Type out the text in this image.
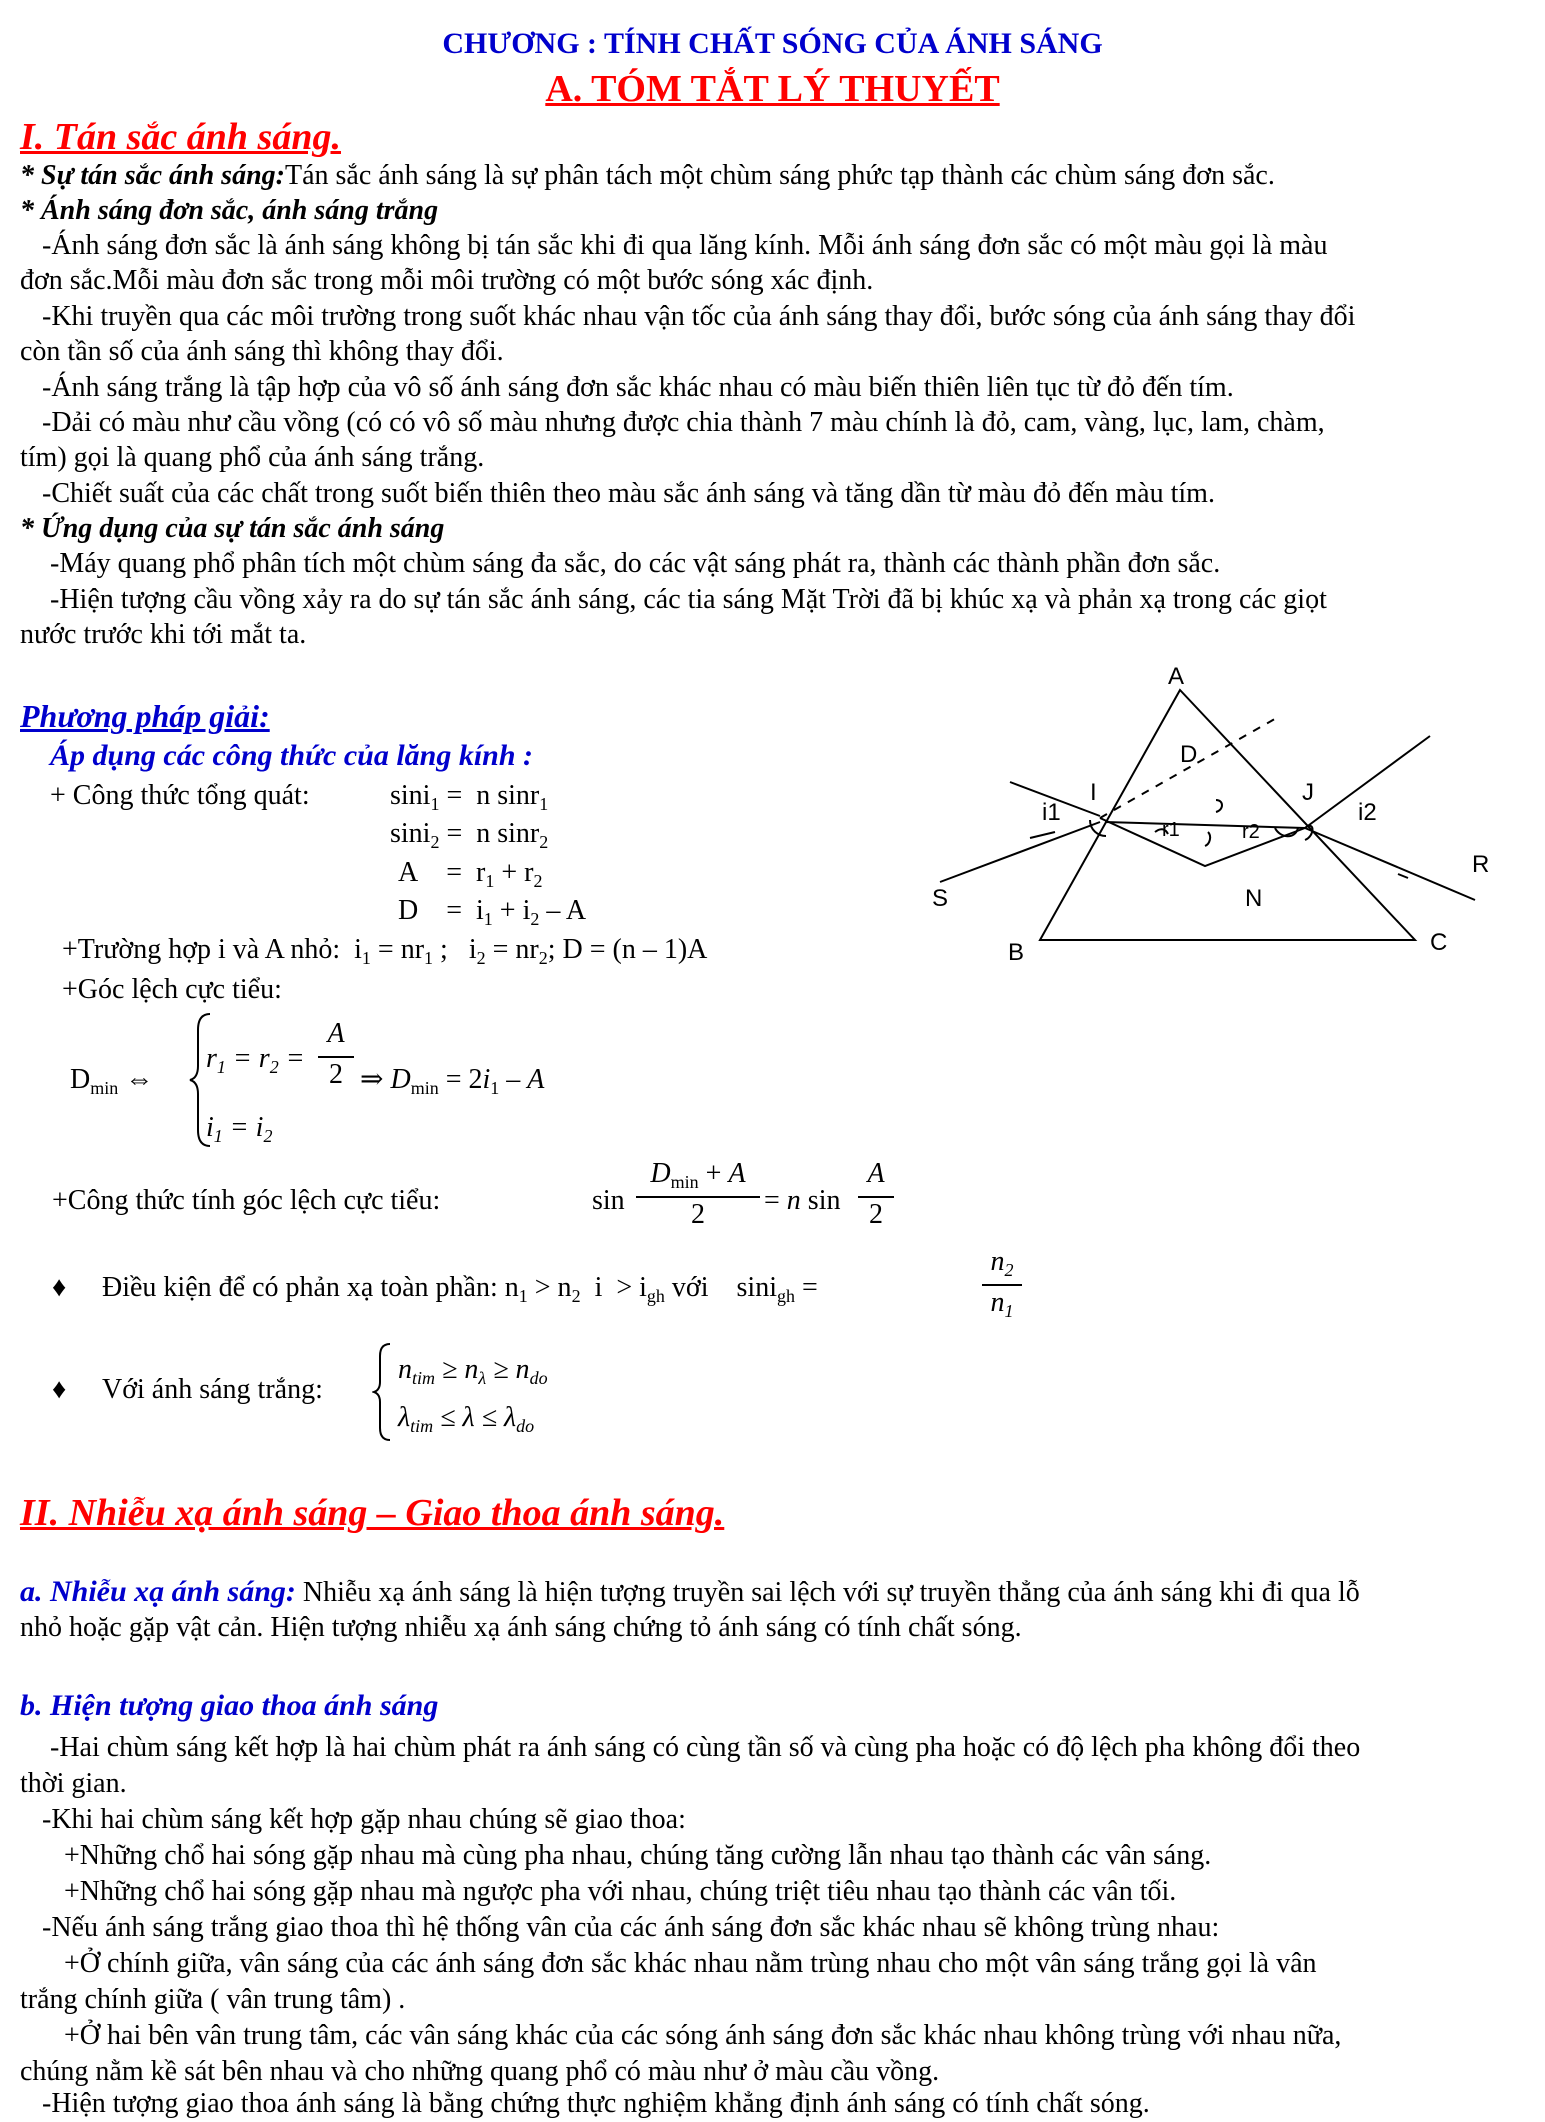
CHƯƠNG : TÍNH CHẤT SÓNG CỦA ÁNH SÁNG
A. TÓM TẮT LÝ THUYẾT
I. Tán sắc ánh sáng.
* Sự tán sắc ánh sáng:Tán sắc ánh sáng là sự phân tách một chùm sáng phức tạp thành các chùm sáng đơn sắc.
* Ánh sáng đơn sắc, ánh sáng trắng
-Ánh sáng đơn sắc là ánh sáng không bị tán sắc khi đi qua lăng kính. Mỗi ánh sáng đơn sắc có một màu gọi là màu
đơn sắc.Mỗi màu đơn sắc trong mỗi môi trường có một bước sóng xác định.
-Khi truyền qua các môi trường trong suốt khác nhau vận tốc của ánh sáng thay đổi, bước sóng của ánh sáng thay đổi
còn tần số của ánh sáng thì không thay đổi.
-Ánh sáng trắng là tập hợp của vô số ánh sáng đơn sắc khác nhau có màu biến thiên liên tục từ đỏ đến tím.
-Dải có màu như cầu vồng (có có vô số màu nhưng được chia thành 7 màu chính là đỏ, cam, vàng, lục, lam, chàm,
tím) gọi là quang phổ của ánh sáng trắng.
-Chiết suất của các chất trong suốt biến thiên theo màu sắc ánh sáng và tăng dần từ màu đỏ đến màu tím.
* Ứng dụng của sự tán sắc ánh sáng
-Máy quang phổ phân tích một chùm sáng đa sắc, do các vật sáng phát ra, thành các thành phần đơn sắc.
-Hiện tượng cầu vồng xảy ra do sự tán sắc ánh sáng, các tia sáng Mặt Trời đã bị khúc xạ và phản xạ trong các giọt
nước trước khi tới mắt ta.
Phương pháp giải:
Áp dụng các công thức của lăng kính :
+ Công thức tổng quát:	sini$_1$ =  n sinr$_1$
sini$_2$ =  n sinr$_2$
A    =  $r_1 + r_2$
D    =  $i_1 + i_2 - A$
+Trường hợp i và A nhỏ:  $i_1 = nr_1$ ;   $i_2 = nr_2$; D = (n – 1)A
+Góc lệch cực tiểu:
$D_{min}$ ⇔
$r_1 = r_2$ =
A
2 ⇒ $D_{min} = 2i_1 - A$
$i_1 = i_2$
+Công thức tính góc lệch cực tiểu:	sin
$D_{min} + A$
2	= n sin
A
2
♦ Điều kiện để có phản xạ toàn phần: $n_1 > n_2$  $i > i_{gh}$ với    sini$_{gh}$ =
$n_2$
$n_1$
♦ Với ánh sáng trắng:
$n_{tim} \ge n_\lambda \ge n_{do}$
$\lambda_{tim} \le \lambda \le \lambda_{do}$
A
B	C
D
I	J
N
S
R
i1	i2
r1	r2
II. Nhiễu xạ ánh sáng – Giao thoa ánh sáng.
a. Nhiễu xạ ánh sáng: Nhiễu xạ ánh sáng là hiện tượng truyền sai lệch với sự truyền thẳng của ánh sáng khi đi qua lỗ
nhỏ hoặc gặp vật cản. Hiện tượng nhiễu xạ ánh sáng chứng tỏ ánh sáng có tính chất sóng.
b. Hiện tượng giao thoa ánh sáng
-Hai chùm sáng kết hợp là hai chùm phát ra ánh sáng có cùng tần số và cùng pha hoặc có độ lệch pha không đổi theo
thời gian.
-Khi hai chùm sáng kết hợp gặp nhau chúng sẽ giao thoa:
+Những chổ hai sóng gặp nhau mà cùng pha nhau, chúng tăng cường lẫn nhau tạo thành các vân sáng.
+Những chổ hai sóng gặp nhau mà ngược pha với nhau, chúng triệt tiêu nhau tạo thành các vân tối.
-Nếu ánh sáng trắng giao thoa thì hệ thống vân của các ánh sáng đơn sắc khác nhau sẽ không trùng nhau:
+Ở chính giữa, vân sáng của các ánh sáng đơn sắc khác nhau nằm trùng nhau cho một vân sáng trắng gọi là vân
trắng chính giữa ( vân trung tâm) .
+Ở hai bên vân trung tâm, các vân sáng khác của các sóng ánh sáng đơn sắc khác nhau không trùng với nhau nữa,
chúng nằm kề sát bên nhau và cho những quang phổ có màu như ở màu cầu vồng.
-Hiện tượng giao thoa ánh sáng là bằng chứng thực nghiệm khẳng định ánh sáng có tính chất sóng.
